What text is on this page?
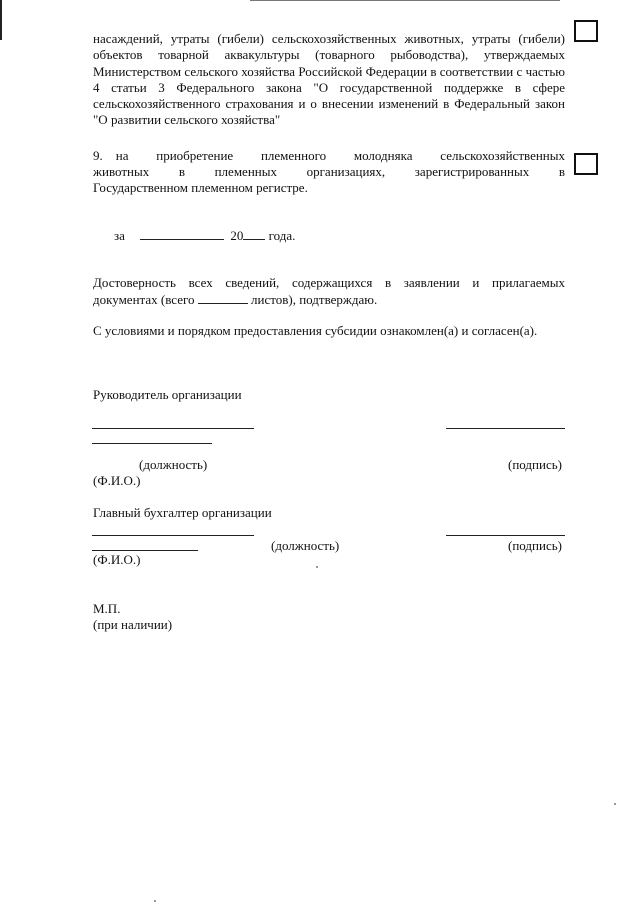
насаждений, утраты (гибели) сельскохозяйственных животных, утраты (гибели) объектов товарной аквакультуры (товарного рыбоводства), утверждаемых Министерством сельского хозяйства Российской Федерации в соответствии с частью 4 статьи 3 Федерального закона "О государственной поддержке в сфере сельскохозяйственного страхования и о внесении изменений в Федеральный закон "О развитии сельского хозяйства"
9.  на приобретение племенного молодняка сельскохозяйственных
животных в племенных организациях, зарегистрированных в
Государственном племенном регистре.
за	20 года.
Достоверность всех сведений, содержащихся в заявлении и прилагаемых документах (всего	листов), подтверждаю.
С условиями и порядком предоставления субсидии ознакомлен(а) и согласен(а).
Руководитель организации
(должность)	(подпись)
(Ф.И.О.)
Главный бухгалтер организации
(должность)	(подпись)
(Ф.И.О.)
М.П.
(при наличии)
